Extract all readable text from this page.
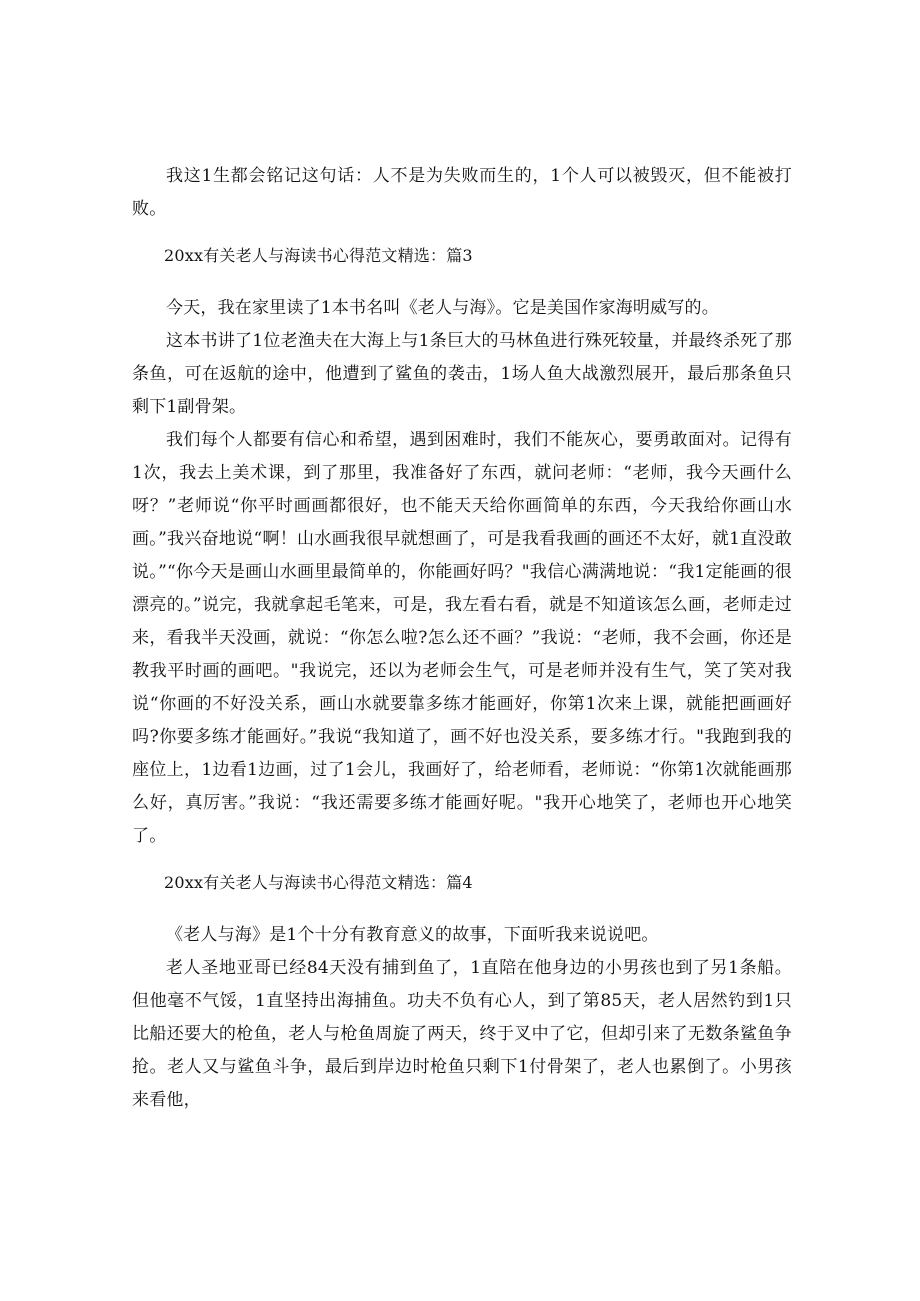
我这1生都会铭记这句话：人不是为失败而生的，1个人可以被毁灭，但不能被打败。

20xx有关老人与海读书心得范文精选：篇3

今天，我在家里读了1本书名叫《老人与海》。它是美国作家海明威写的。

这本书讲了1位老渔夫在大海上与1条巨大的马林鱼进行殊死较量，并最终杀死了那条鱼，可在返航的途中，他遭到了鲨鱼的袭击，1场人鱼大战激烈展开，最后那条鱼只剩下1副骨架。

我们每个人都要有信心和希望，遇到困难时，我们不能灰心，要勇敢面对。记得有1次，我去上美术课，到了那里，我准备好了东西，就问老师：“老师，我今天画什么呀？”老师说“你平时画画都很好，也不能天天给你画简单的东西，今天我给你画山水画。”我兴奋地说“啊！山水画我很早就想画了，可是我看我画的画还不太好，就1直没敢说。”“你今天是画山水画里最简单的，你能画好吗？"我信心满满地说：“我1定能画的很漂亮的。”说完，我就拿起毛笔来，可是，我左看右看，就是不知道该怎么画，老师走过来，看我半天没画，就说：“你怎么啦?怎么还不画？”我说：“老师，我不会画，你还是教我平时画的画吧。"我说完，还以为老师会生气，可是老师并没有生气，笑了笑对我说“你画的不好没关系，画山水就要靠多练才能画好，你第1次来上课，就能把画画好吗?你要多练才能画好。”我说“我知道了，画不好也没关系，要多练才行。"我跑到我的座位上，1边看1边画，过了1会儿，我画好了，给老师看，老师说：“你第1次就能画那么好，真厉害。”我说：“我还需要多练才能画好呢。"我开心地笑了，老师也开心地笑了。

20xx有关老人与海读书心得范文精选：篇4

《老人与海》是1个十分有教育意义的故事，下面听我来说说吧。

老人圣地亚哥已经84天没有捕到鱼了，1直陪在他身边的小男孩也到了另1条船。但他毫不气馁，1直坚持出海捕鱼。功夫不负有心人，到了第85天，老人居然钓到1只比船还要大的枪鱼，老人与枪鱼周旋了两天，终于叉中了它，但却引来了无数条鲨鱼争抢。老人又与鲨鱼斗争，最后到岸边时枪鱼只剩下1付骨架了，老人也累倒了。小男孩来看他，
